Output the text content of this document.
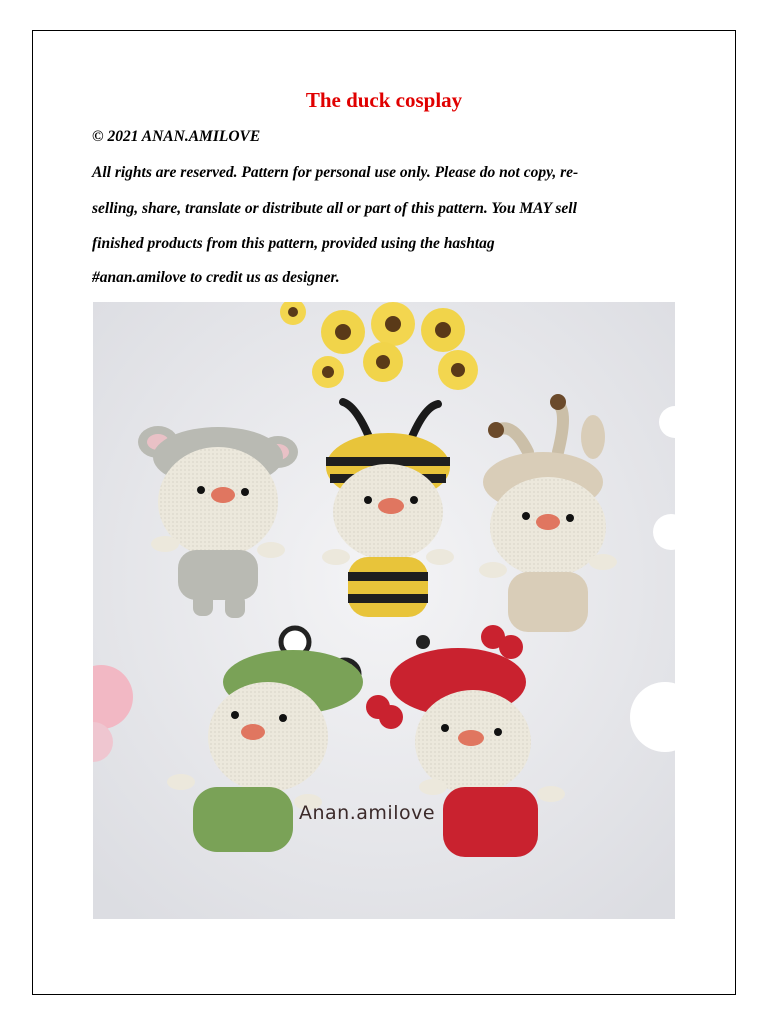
The duck cosplay
© 2021 ANAN.AMILOVE
All rights are reserved. Pattern for personal use only. Please do not copy, re-
selling, share, translate or distribute all or part of this pattern. You MAY sell
finished products from this pattern, provided using the hashtag
#anan.amilove to credit us as designer.
Anan.amilove
